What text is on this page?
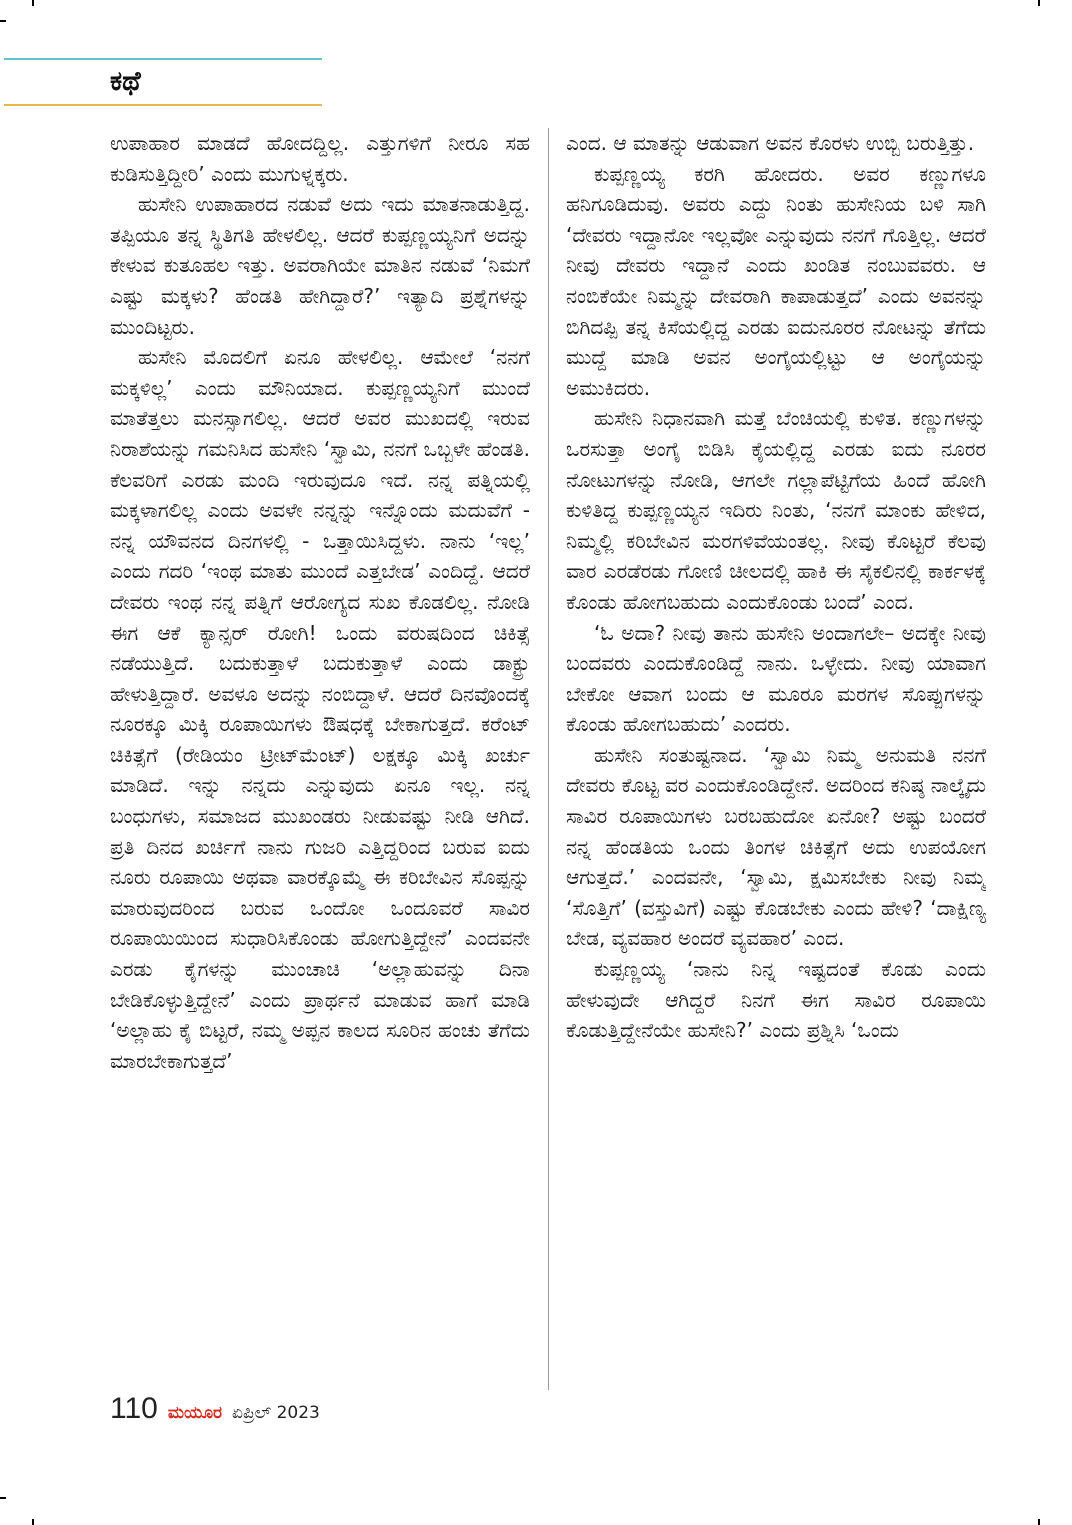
ಕಥೆ

ಉಪಾಹಾರ ಮಾಡದೆ ಹೋದದ್ದಿಲ್ಲ. ಎತ್ತುಗಳಿಗೆ ನೀರೂ ಸಹ ಕುಡಿಸುತ್ತಿದ್ದೀರಿ’ ಎಂದು ಮುಗುಳ್ನಕ್ಕರು.

ಹುಸೇನಿ ಉಪಾಹಾರದ ನಡುವೆ ಅದು ಇದು ಮಾತನಾಡುತ್ತಿದ್ದ. ತಪ್ಪಿಯೂ ತನ್ನ ಸ್ಥಿತಿಗತಿ ಹೇಳಲಿಲ್ಲ. ಆದರೆ ಕುಪ್ಪಣ್ಣಯ್ಯನಿಗೆ ಅದನ್ನು ಕೇಳುವ ಕುತೂಹಲ ಇತ್ತು. ಅವರಾಗಿಯೇ ಮಾತಿನ ನಡುವೆ ‘ನಿಮಗೆ ಎಷ್ಟು ಮಕ್ಕಳು? ಹೆಂಡತಿ ಹೇಗಿದ್ದಾರೆ?’ ಇತ್ಯಾದಿ ಪ್ರಶ್ನೆಗಳನ್ನು ಮುಂದಿಟ್ಟರು.

ಹುಸೇನಿ ಮೊದಲಿಗೆ ಏನೂ ಹೇಳಲಿಲ್ಲ. ಆಮೇಲೆ ‘ನನಗೆ ಮಕ್ಕಳಿಲ್ಲ’ ಎಂದು ಮೌನಿಯಾದ. ಕುಪ್ಪಣ್ಣಯ್ಯನಿಗೆ ಮುಂದೆ ಮಾತೆತ್ತಲು ಮನಸ್ಸಾಗಲಿಲ್ಲ. ಆದರೆ ಅವರ ಮುಖದಲ್ಲಿ ಇರುವ ನಿರಾಶೆಯನ್ನು ಗಮನಿಸಿದ ಹುಸೇನಿ ‘ಸ್ವಾಮಿ, ನನಗೆ ಒಬ್ಬಳೇ ಹೆಂಡತಿ. ಕೆಲವರಿಗೆ ಎರಡು ಮಂದಿ ಇರುವುದೂ ಇದೆ. ನನ್ನ ಪತ್ನಿಯಲ್ಲಿ ಮಕ್ಕಳಾಗಲಿಲ್ಲ ಎಂದು ಅವಳೇ ನನ್ನನ್ನು ಇನ್ನೊಂದು ಮದುವೆಗೆ - ನನ್ನ ಯೌವನದ ದಿನಗಳಲ್ಲಿ - ಒತ್ತಾಯಿಸಿದ್ದಳು. ನಾನು ‘ಇಲ್ಲ’ ಎಂದು ಗದರಿ ‘ಇಂಥ ಮಾತು ಮುಂದೆ ಎತ್ತಬೇಡ’ ಎಂದಿದ್ದೆ. ಆದರೆ ದೇವರು ಇಂಥ ನನ್ನ ಪತ್ನಿಗೆ ಆರೋಗ್ಯದ ಸುಖ ಕೊಡಲಿಲ್ಲ. ನೋಡಿ ಈಗ ಆಕೆ ಕ್ಯಾನ್ಸರ್ ರೋಗಿ! ಒಂದು ವರುಷದಿಂದ ಚಿಕಿತ್ಸೆ ನಡೆಯುತ್ತಿದೆ. ಬದುಕುತ್ತಾಳೆ ಬದುಕುತ್ತಾಳೆ ಎಂದು ಡಾಕ್ಟ್ರು ಹೇಳುತ್ತಿದ್ದಾರೆ. ಅವಳೂ ಅದನ್ನು ನಂಬಿದ್ದಾಳೆ. ಆದರೆ ದಿನವೊಂದಕ್ಕೆ ನೂರಕ್ಕೂ ಮಿಕ್ಕಿ ರೂಪಾಯಿಗಳು ಔಷಧಕ್ಕೆ ಬೇಕಾಗುತ್ತದೆ. ಕರೆಂಟ್ ಚಿಕಿತ್ಸೆಗೆ (ರೇಡಿಯಂ ಟ್ರೀಟ್‌ಮೆಂಟ್) ಲಕ್ಷಕ್ಕೂ ಮಿಕ್ಕಿ ಖರ್ಚು ಮಾಡಿದೆ. ಇನ್ನು ನನ್ನದು ಎನ್ನುವುದು ಏನೂ ಇಲ್ಲ. ನನ್ನ ಬಂಧುಗಳು, ಸಮಾಜದ ಮುಖಂಡರು ನೀಡುವಷ್ಟು ನೀಡಿ ಆಗಿದೆ. ಪ್ರತಿ ದಿನದ ಖರ್ಚಿಗೆ ನಾನು ಗುಜರಿ ಎತ್ತಿದ್ದರಿಂದ ಬರುವ ಐದು ನೂರು ರೂಪಾಯಿ ಅಥವಾ ವಾರಕ್ಕೊಮ್ಮೆ ಈ ಕರಿಬೇವಿನ ಸೊಪ್ಪನ್ನು ಮಾರುವುದರಿಂದ ಬರುವ ಒಂದೋ ಒಂದೂವರೆ ಸಾವಿರ ರೂಪಾಯಿಯಿಂದ ಸುಧಾರಿಸಿಕೊಂಡು ಹೋಗುತ್ತಿದ್ದೇನೆ’ ಎಂದವನೇ ಎರಡು ಕೈಗಳನ್ನು ಮುಂಚಾಚಿ ‘ಅಲ್ಲಾಹುವನ್ನು ದಿನಾ ಬೇಡಿಕೊಳ್ಳುತ್ತಿದ್ದೇನೆ’ ಎಂದು ಪ್ರಾರ್ಥನೆ ಮಾಡುವ ಹಾಗೆ ಮಾಡಿ ‘ಅಲ್ಲಾಹು ಕೈ ಬಿಟ್ಟರೆ, ನಮ್ಮ ಅಪ್ಪನ ಕಾಲದ ಸೂರಿನ ಹಂಚು ತೆಗೆದು ಮಾರಬೇಕಾಗುತ್ತದೆ’

ಎಂದ. ಆ ಮಾತನ್ನು ಆಡುವಾಗ ಅವನ ಕೊರಳು ಉಬ್ಬಿ ಬರುತ್ತಿತ್ತು.

ಕುಪ್ಪಣ್ಣಯ್ಯ ಕರಗಿ ಹೋದರು. ಅವರ ಕಣ್ಣುಗಳೂ ಹನಿಗೂಡಿದುವು. ಅವರು ಎದ್ದು ನಿಂತು ಹುಸೇನಿಯ ಬಳಿ ಸಾಗಿ ‘ದೇವರು ಇದ್ದಾನೋ ಇಲ್ಲವೋ ಎನ್ನುವುದು ನನಗೆ ಗೊತ್ತಿಲ್ಲ. ಆದರೆ ನೀವು ದೇವರು ಇದ್ದಾನೆ ಎಂದು ಖಂಡಿತ ನಂಬುವವರು. ಆ ನಂಬಿಕೆಯೇ ನಿಮ್ಮನ್ನು ದೇವರಾಗಿ ಕಾಪಾಡುತ್ತದೆ’ ಎಂದು ಅವನನ್ನು ಬಿಗಿದಪ್ಪಿ ತನ್ನ ಕಿಸೆಯಲ್ಲಿದ್ದ ಎರಡು ಐದುನೂರರ ನೋಟನ್ನು ತೆಗೆದು ಮುದ್ದೆ ಮಾಡಿ ಅವನ ಅಂಗೈಯಲ್ಲಿಟ್ಟು ಆ ಅಂಗೈಯನ್ನು ಅಮುಕಿದರು.

ಹುಸೇನಿ ನಿಧಾನವಾಗಿ ಮತ್ತೆ ಬೆಂಚಿಯಲ್ಲಿ ಕುಳಿತ. ಕಣ್ಣುಗಳನ್ನು ಒರಸುತ್ತಾ ಅಂಗೈ ಬಿಡಿಸಿ ಕೈಯಲ್ಲಿದ್ದ ಎರಡು ಐದು ನೂರರ ನೋಟುಗಳನ್ನು ನೋಡಿ, ಆಗಲೇ ಗಲ್ಲಾಪೆಟ್ಟಿಗೆಯ ಹಿಂದೆ ಹೋಗಿ ಕುಳಿತಿದ್ದ ಕುಪ್ಪಣ್ಣಯ್ಯನ ಇದಿರು ನಿಂತು, ‘ನನಗೆ ಮಾಂಕು ಹೇಳಿದ, ನಿಮ್ಮಲ್ಲಿ ಕರಿಬೇವಿನ ಮರಗಳಿವೆಯಂತಲ್ಲ. ನೀವು ಕೊಟ್ಟರೆ ಕೆಲವು ವಾರ ಎರಡೆರಡು ಗೋಣಿ ಚೀಲದಲ್ಲಿ ಹಾಕಿ ಈ ಸೈಕಲಿನಲ್ಲಿ ಕಾರ್ಕಳಕ್ಕೆ ಕೊಂಡು ಹೋಗಬಹುದು ಎಂದುಕೊಂಡು ಬಂದೆ’ ಎಂದ.

‘ಓ ಅದಾ? ನೀವು ತಾನು ಹುಸೇನಿ ಅಂದಾಗಲೇ– ಅದಕ್ಕೇ ನೀವು ಬಂದವರು ಎಂದುಕೊಂಡಿದ್ದೆ ನಾನು. ಒಳ್ಳೇದು. ನೀವು ಯಾವಾಗ ಬೇಕೋ ಆವಾಗ ಬಂದು ಆ ಮೂರೂ ಮರಗಳ ಸೊಪ್ಪುಗಳನ್ನು ಕೊಂಡು ಹೋಗಬಹುದು’ ಎಂದರು.

ಹುಸೇನಿ ಸಂತುಷ್ಟನಾದ. ‘ಸ್ವಾಮಿ ನಿಮ್ಮ ಅನುಮತಿ ನನಗೆ ದೇವರು ಕೊಟ್ಟ ವರ ಎಂದುಕೊಂಡಿದ್ದೇನೆ. ಅದರಿಂದ ಕನಿಷ್ಠ ನಾಲ್ಕೈದು ಸಾವಿರ ರೂಪಾಯಿಗಳು ಬರಬಹುದೋ ಏನೋ? ಅಷ್ಟು ಬಂದರೆ ನನ್ನ ಹೆಂಡತಿಯ ಒಂದು ತಿಂಗಳ ಚಿಕಿತ್ಸೆಗೆ ಅದು ಉಪಯೋಗ ಆಗುತ್ತದೆ.’ ಎಂದವನೇ, ‘ಸ್ವಾಮಿ, ಕ್ಷಮಿಸಬೇಕು ನೀವು ನಿಮ್ಮ ‘ಸೊತ್ತಿಗೆ’ (ವಸ್ತುವಿಗೆ) ಎಷ್ಟು ಕೊಡಬೇಕು ಎಂದು ಹೇಳಿ? ‘ದಾಕ್ಷಿಣ್ಯ ಬೇಡ, ವ್ಯವಹಾರ ಅಂದರೆ ವ್ಯವಹಾರ’ ಎಂದ.

ಕುಪ್ಪಣ್ಣಯ್ಯ ‘ನಾನು ನಿನ್ನ ಇಷ್ಟದಂತೆ ಕೊಡು ಎಂದು ಹೇಳುವುದೇ ಆಗಿದ್ದರೆ ನಿನಗೆ ಈಗ ಸಾವಿರ ರೂಪಾಯಿ ಕೊಡುತ್ತಿದ್ದೇನೆಯೇ ಹುಸೇನಿ?’ ಎಂದು ಪ್ರಶ್ನಿಸಿ ‘ಒಂದು

110 ಮಯೂರ ಏಪ್ರಿಲ್ 2023
